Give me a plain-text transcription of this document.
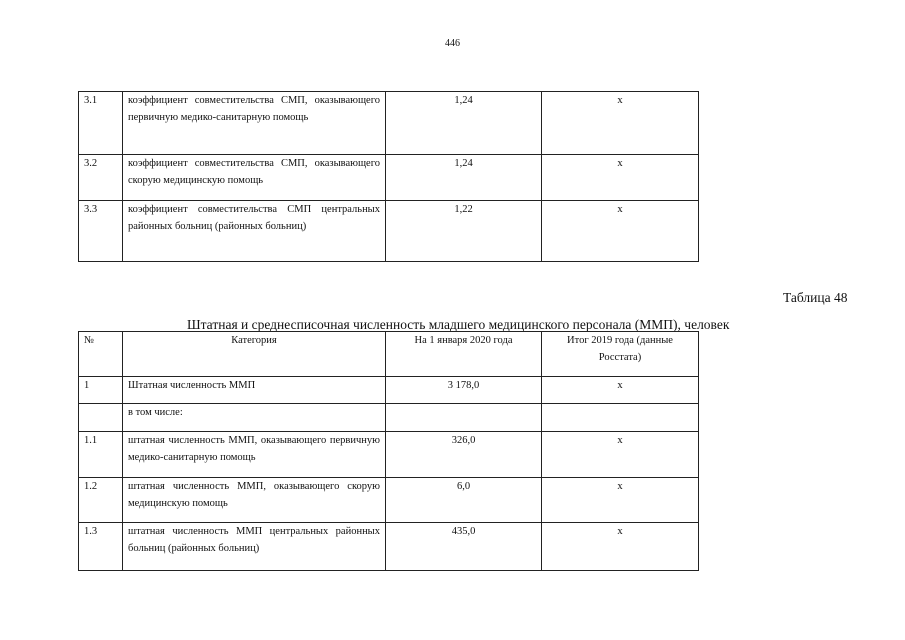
446
3.1	коэффициент совместительства СМП, оказывающего первичную медико-санитарную помощь	1,24	х
3.2	коэффициент совместительства СМП, оказывающего скорую медицинскую помощь	1,24	х
3.3	коэффициент совместительства СМП центральных районных больниц (районных больниц)	1,22	х
Таблица 48
Штатная и среднесписочная численность младшего медицинского персонала (ММП), человек
№	Категория	На 1 января 2020 года	Итог 2019 года (данные Росстата)
1	Штатная численность ММП	3 178,0	х
	в том числе:		
1.1	штатная численность ММП, оказывающего первичную медико-санитарную помощь	326,0	х
1.2	штатная численность ММП, оказывающего скорую медицинскую помощь	6,0	х
1.3	штатная численность ММП центральных районных больниц (районных больниц)	435,0	х
